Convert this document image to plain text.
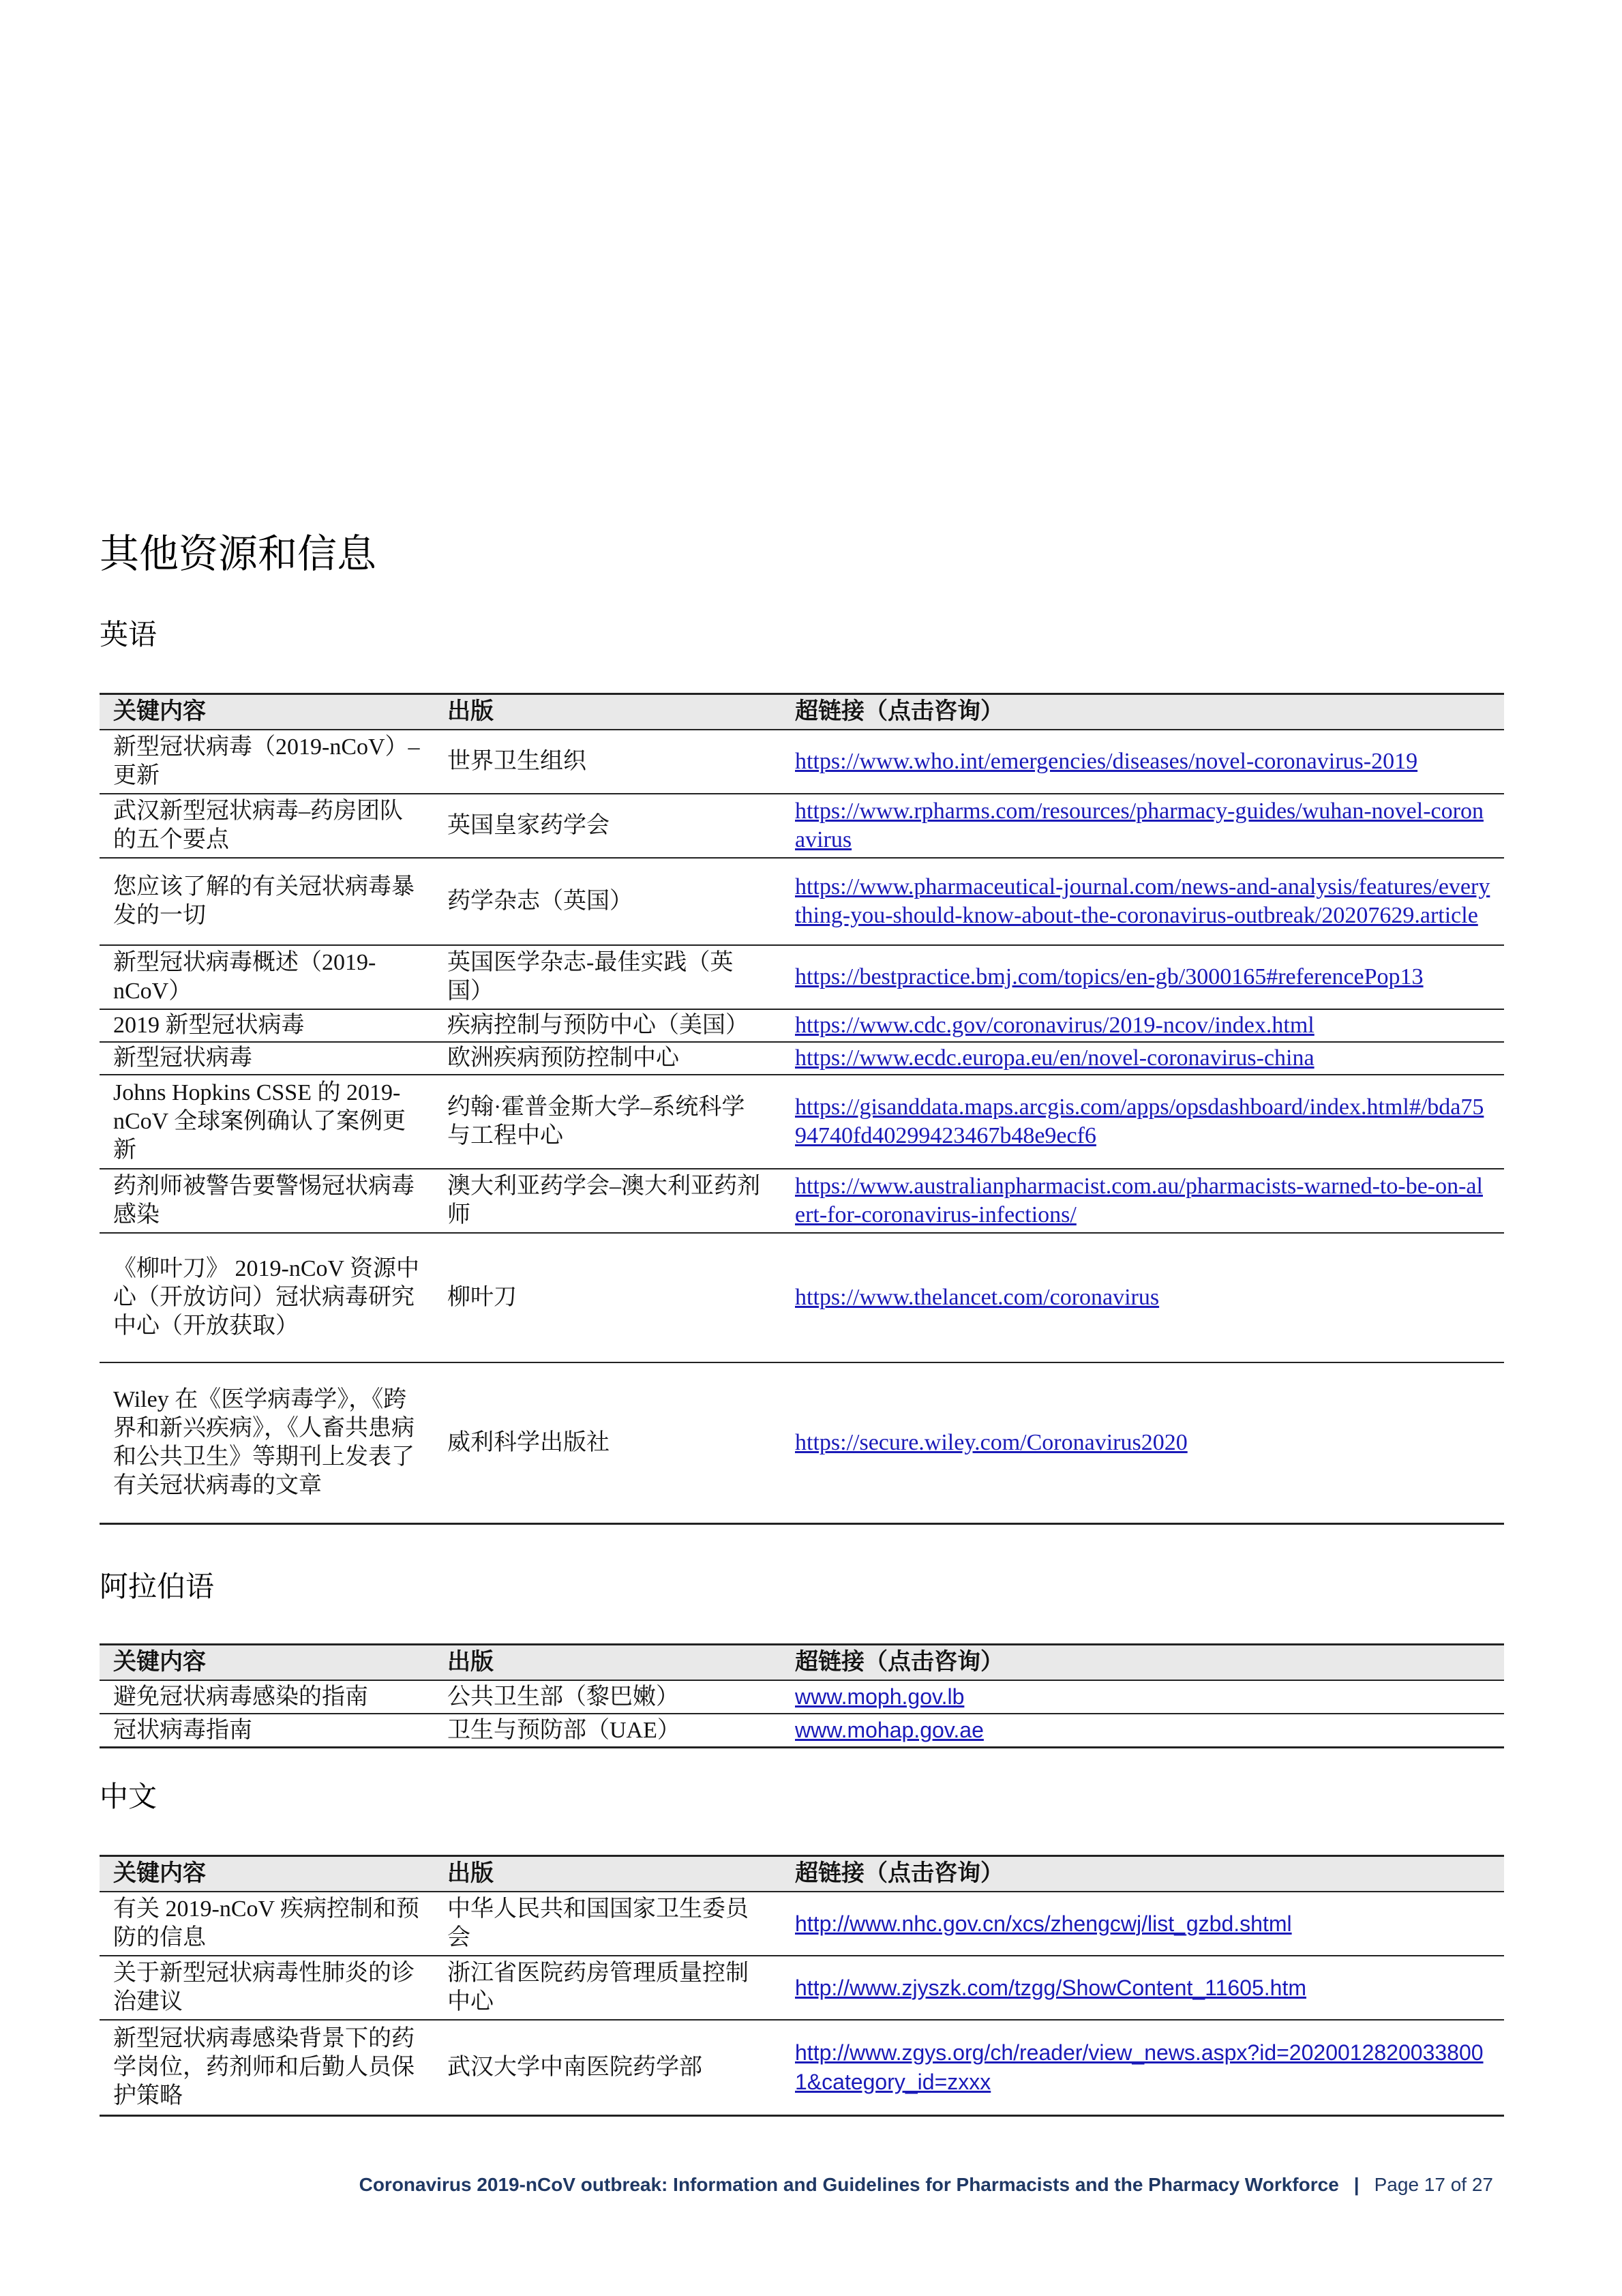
其他资源和信息
英语
关键内容	出版	超链接（点击咨询）
新型冠状病毒（2019-nCoV）–更新	世界卫生组织	https://www.who.int/emergencies/diseases/novel-coronavirus-2019
武汉新型冠状病毒–药房团队的五个要点	英国皇家药学会	https://www.rpharms.com/resources/pharmacy-guides/wuhan-novel-coronavirus
您应该了解的有关冠状病毒暴发的一切	药学杂志（英国）	https://www.pharmaceutical-journal.com/news-and-analysis/features/everything-you-should-know-about-the-coronavirus-outbreak/20207629.article
新型冠状病毒概述（2019-nCoV）	英国医学杂志-最佳实践（英国）	https://bestpractice.bmj.com/topics/en-gb/3000165#referencePop13
2019 新型冠状病毒	疾病控制与预防中心（美国）	https://www.cdc.gov/coronavirus/2019-ncov/index.html
新型冠状病毒	欧洲疾病预防控制中心	https://www.ecdc.europa.eu/en/novel-coronavirus-china
Johns Hopkins CSSE 的 2019-nCoV 全球案例确认了案例更新	约翰·霍普金斯大学–系统科学与工程中心	https://gisanddata.maps.arcgis.com/apps/opsdashboard/index.html#/bda7594740fd40299423467b48e9ecf6
药剂师被警告要警惕冠状病毒感染	澳大利亚药学会–澳大利亚药剂师	https://www.australianpharmacist.com.au/pharmacists-warned-to-be-on-alert-for-coronavirus-infections/
《柳叶刀》 2019-nCoV 资源中心（开放访问）冠状病毒研究中心（开放获取）	柳叶刀	https://www.thelancet.com/coronavirus
Wiley 在《医学病毒学》，《跨界和新兴疾病》，《人畜共患病和公共卫生》等期刊上发表了有关冠状病毒的文章	威利科学出版社	https://secure.wiley.com/Coronavirus2020
阿拉伯语
关键内容	出版	超链接（点击咨询）
避免冠状病毒感染的指南	公共卫生部（黎巴嫩）	www.moph.gov.lb
冠状病毒指南	卫生与预防部（UAE）	www.mohap.gov.ae
中文
关键内容	出版	超链接（点击咨询）
有关 2019-nCoV 疾病控制和预防的信息	中华人民共和国国家卫生委员会	http://www.nhc.gov.cn/xcs/zhengcwj/list_gzbd.shtml
关于新型冠状病毒性肺炎的诊治建议	浙江省医院药房管理质量控制中心	http://www.zjyszk.com/tzgg/ShowContent_11605.htm
新型冠状病毒感染背景下的药学岗位，药剂师和后勤人员保护策略	武汉大学中南医院药学部	http://www.zgys.org/ch/reader/view_news.aspx?id=20200128200338001&category_id=zxxx
Coronavirus 2019-nCoV outbreak: Information and Guidelines for Pharmacists and the Pharmacy Workforce | Page 17 of 27
